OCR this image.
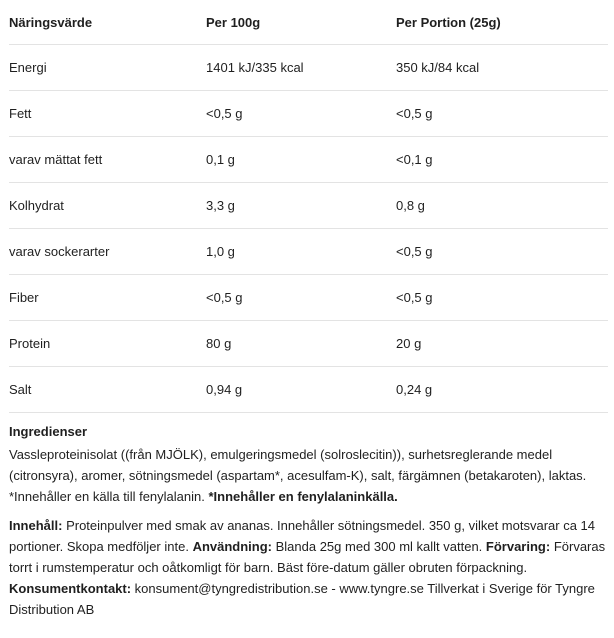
Näringsvärde	Per 100g	Per Portion (25g)
Energi	1401 kJ/335 kcal	350 kJ/84 kcal
Fett	<0,5 g	<0,5 g
varav mättat fett	0,1 g	<0,1 g
Kolhydrat	3,3 g	0,8 g
varav sockerarter	1,0 g	<0,5 g
Fiber	<0,5 g	<0,5 g
Protein	80 g	20 g
Salt	0,94 g	0,24 g
Ingredienser
Vassleproteinisolat ((från MJÖLK), emulgeringsmedel (solroslecitin)), surhetsreglerande medel (citronsyra), aromer, sötningsmedel (aspartam*, acesulfam-K), salt, färgämnen (betakaroten), laktas. *Innehåller en källa till fenylalanin. *Innehåller en fenylalaninkälla.
Innehåll: Proteinpulver med smak av ananas. Innehåller sötningsmedel. 350 g, vilket motsvarar ca 14 portioner. Skopa medföljer inte. Användning: Blanda 25g med 300 ml kallt vatten. Förvaring: Förvaras torrt i rumstemperatur och oåtkomligt för barn. Bäst före-datum gäller obruten förpackning. Konsumentkontakt: konsument@tyngredistribution.se - www.tyngre.se Tillverkat i Sverige för Tyngre Distribution AB
